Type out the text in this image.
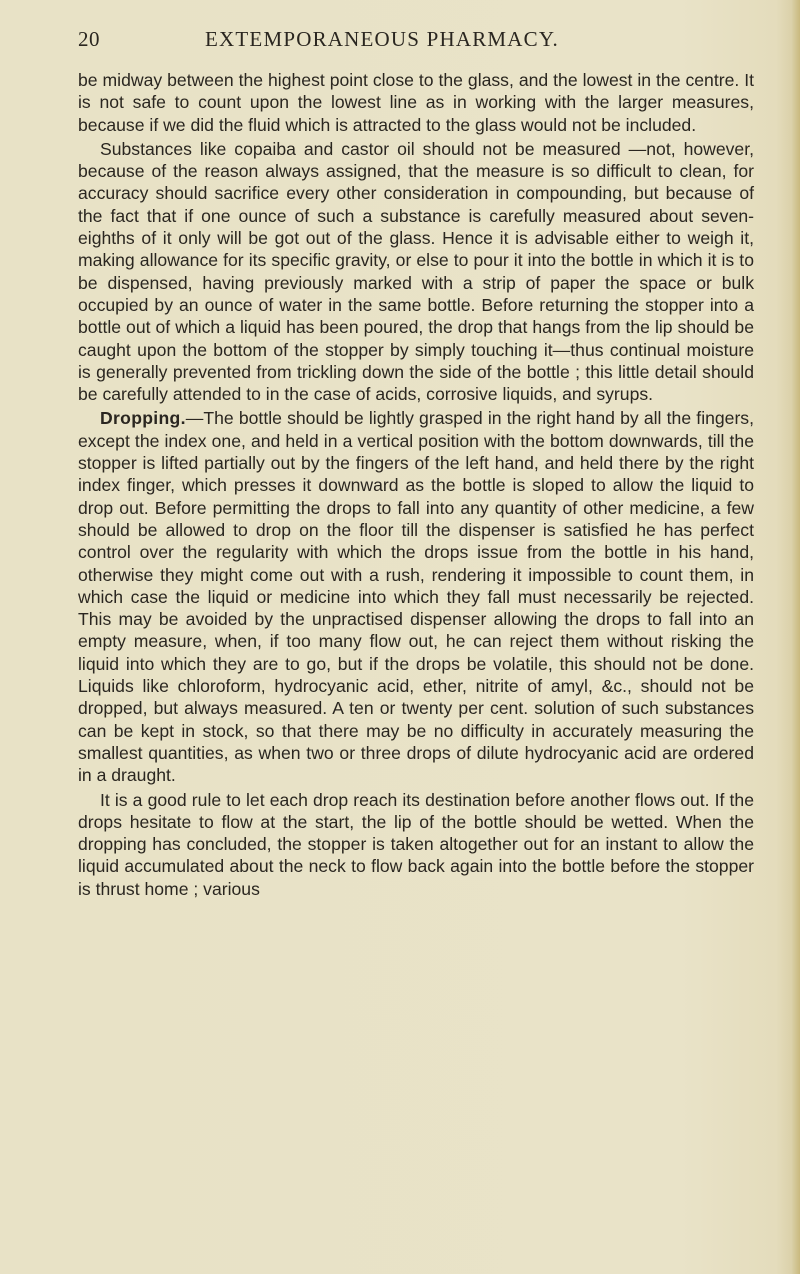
20	EXTEMPORANEOUS PHARMACY.

be midway between the highest point close to the glass, and the lowest in the centre. It is not safe to count upon the lowest line as in working with the larger measures, because if we did the fluid which is attracted to the glass would not be included.

Substances like copaiba and castor oil should not be measured —not, however, because of the reason always assigned, that the measure is so difficult to clean, for accuracy should sacrifice every other consideration in compounding, but because of the fact that if one ounce of such a substance is carefully measured about seven-eighths of it only will be got out of the glass. Hence it is advisable either to weigh it, making allowance for its specific gravity, or else to pour it into the bottle in which it is to be dispensed, having previously marked with a strip of paper the space or bulk occupied by an ounce of water in the same bottle. Before returning the stopper into a bottle out of which a liquid has been poured, the drop that hangs from the lip should be caught upon the bottom of the stopper by simply touching it—thus continual moisture is generally prevented from trickling down the side of the bottle ; this little detail should be carefully attended to in the case of acids, corrosive liquids, and syrups.

Dropping.—The bottle should be lightly grasped in the right hand by all the fingers, except the index one, and held in a vertical position with the bottom downwards, till the stopper is lifted partially out by the fingers of the left hand, and held there by the right index finger, which presses it downward as the bottle is sloped to allow the liquid to drop out. Before permitting the drops to fall into any quantity of other medicine, a few should be allowed to drop on the floor till the dispenser is satisfied he has perfect control over the regularity with which the drops issue from the bottle in his hand, otherwise they might come out with a rush, rendering it impossible to count them, in which case the liquid or medicine into which they fall must necessarily be rejected. This may be avoided by the unpractised dispenser allowing the drops to fall into an empty measure, when, if too many flow out, he can reject them without risking the liquid into which they are to go, but if the drops be volatile, this should not be done. Liquids like chloroform, hydrocyanic acid, ether, nitrite of amyl, &c., should not be dropped, but always measured. A ten or twenty per cent. solution of such substances can be kept in stock, so that there may be no difficulty in accurately measuring the smallest quantities, as when two or three drops of dilute hydrocyanic acid are ordered in a draught.

It is a good rule to let each drop reach its destination before another flows out. If the drops hesitate to flow at the start, the lip of the bottle should be wetted. When the dropping has concluded, the stopper is taken altogether out for an instant to allow the liquid accumulated about the neck to flow back again into the bottle before the stopper is thrust home ; various
